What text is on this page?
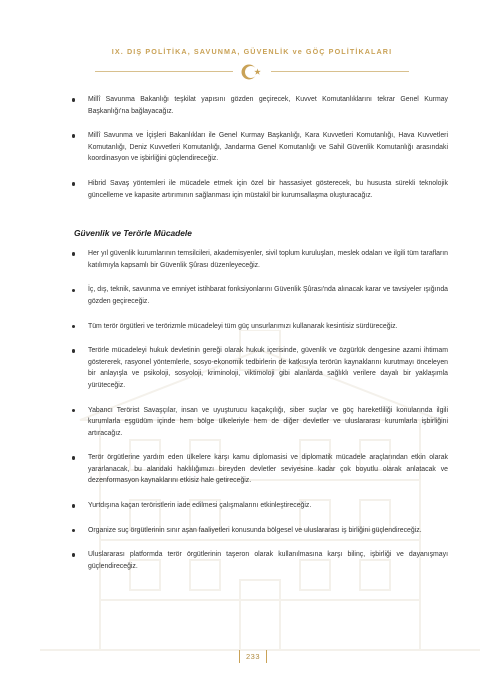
IX. DIŞ POLİTİKA, SAVUNMA, GÜVENLİK ve GÖÇ POLİTİKALARI
Millî Savunma Bakanlığı teşkilat yapısını gözden geçirecek, Kuvvet Komutanlıklarını tekrar Genel Kurmay Başkanlığı'na bağlayacağız.
Millî Savunma ve İçişleri Bakanlıkları ile Genel Kurmay Başkanlığı, Kara Kuvvetleri Komutanlığı, Hava Kuvvetleri Komutanlığı, Deniz Kuvvetleri Komutanlığı, Jandarma Genel Komutanlığı ve Sahil Güvenlik Komutanlığı arasındaki koordinasyon ve işbirliğini güçlendireceğiz.
Hibrid Savaş yöntemleri ile mücadele etmek için özel bir hassasiyet gösterecek, bu hususta sürekli teknolojik güncelleme ve kapasite artırımının sağlanması için müstakil bir kurumsallaşma oluşturacağız.
Güvenlik ve Terörle Mücadele
Her yıl güvenlik kurumlarının temsilcileri, akademisyenler, sivil toplum kuruluşları, meslek odaları ve ilgili tüm tarafların katılımıyla kapsamlı bir Güvenlik Şûrası düzenleyeceğiz.
İç, dış, teknik, savunma ve emniyet istihbarat fonksiyonlarını Güvenlik Şûrası'nda alınacak karar ve tavsiyeler ışığında gözden geçireceğiz.
Tüm terör örgütleri ve terörizmle mücadeleyi tüm güç unsurlarımızı kullanarak kesintisiz sürdüreceğiz.
Terörle mücadeleyi hukuk devletinin gereği olarak hukuk içerisinde, güvenlik ve özgürlük dengesine azami ihtimam göstererek, rasyonel yöntemlerle, sosyo-ekonomik tedbirlerin de katkısıyla terörün kaynaklarını kurutmayı önceleyen bir anlayışla ve psikoloji, sosyoloji, kriminoloji, viktimoloji gibi alanlarda sağlıklı verilere dayalı bir yaklaşımla yürüteceğiz.
Yabancı Terörist Savaşçılar, insan ve uyuşturucu kaçakçılığı, siber suçlar ve göç hareketliliği konularında ilgili kurumlarla eşgüdüm içinde hem bölge ülkeleriyle hem de diğer devletler ve uluslararası kurumlarla işbirliğini artıracağız.
Terör örgütlerine yardım eden ülkelere karşı kamu diplomasisi ve diplomatik mücadele araçlarından etkin olarak yararlanacak, bu alandaki haklılığımızı bireyden devletler seviyesine kadar çok boyutlu olarak anlatacak ve dezenformasyon kaynaklarını etkisiz hale getireceğiz.
Yurtdışına kaçan teröristlerin iade edilmesi çalışmalarını etkinleştireceğiz.
Organize suç örgütlerinin sınır aşan faaliyetleri konusunda bölgesel ve uluslararası iş birliğini güçlendireceğiz.
Uluslararası platformda terör örgütlerinin taşeron olarak kullanılmasına karşı bilinç, işbirliği ve dayanışmayı güçlendireceğiz.
233
